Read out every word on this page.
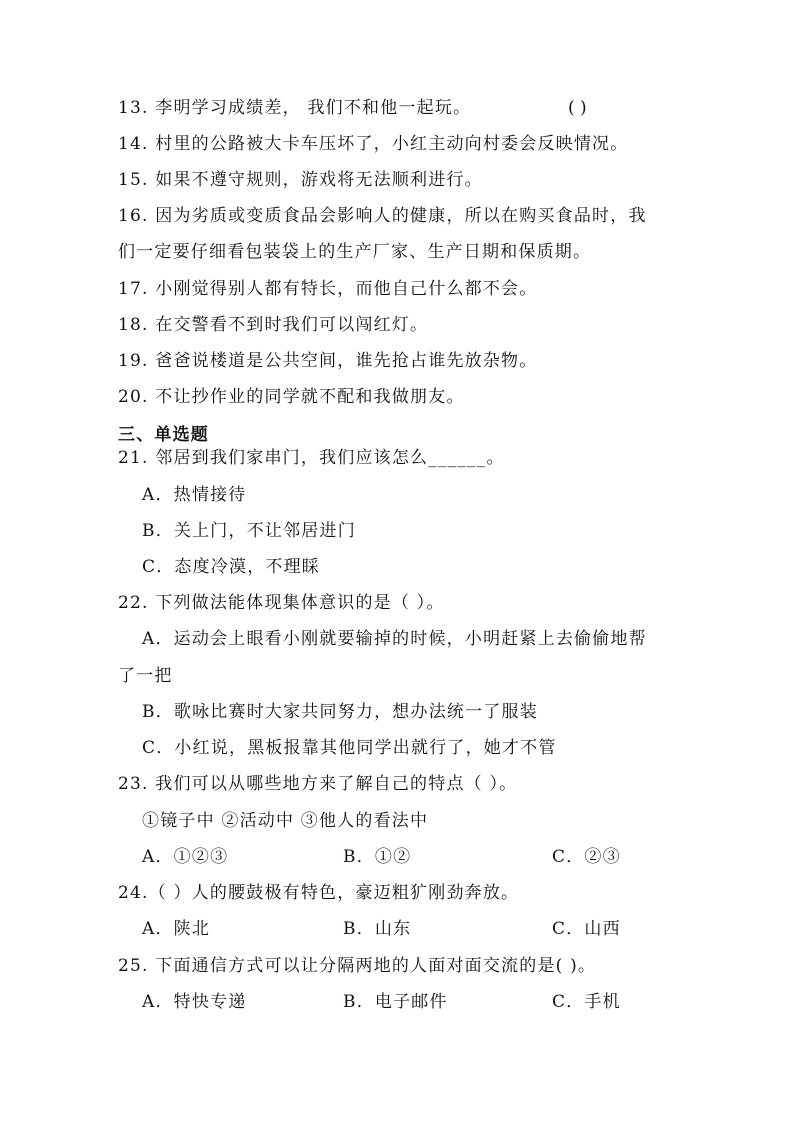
13. 李明学习成绩差， 我们不和他一起玩。	( )
14. 村里的公路被大卡车压坏了，小红主动向村委会反映情况。
15. 如果不遵守规则，游戏将无法顺利进行。
16. 因为劣质或变质食品会影响人的健康，所以在购买食品时，我
们一定要仔细看包装袋上的生产厂家、生产日期和保质期。
17. 小刚觉得别人都有特长，而他自己什么都不会。
18. 在交警看不到时我们可以闯红灯。
19. 爸爸说楼道是公共空间，谁先抢占谁先放杂物。
20. 不让抄作业的同学就不配和我做朋友。
三、单选题
21. 邻居到我们家串门，我们应该怎么______。
A．热情接待
B．关上门，不让邻居进门
C．态度冷漠，不理睬
22. 下列做法能体现集体意识的是（ ）。
A．运动会上眼看小刚就要输掉的时候，小明赶紧上去偷偷地帮
了一把
B．歌咏比赛时大家共同努力，想办法统一了服装
C．小红说，黑板报靠其他同学出就行了，她才不管
23. 我们可以从哪些地方来了解自己的特点（ ）。
①镜子中 ②活动中 ③他人的看法中
A．①②③	B．①②	C．②③
24.（ ）人的腰鼓极有特色，豪迈粗犷刚劲奔放。
A．陕北	B．山东	C．山西
25. 下面通信方式可以让分隔两地的人面对面交流的是( )。
A．特快专递	B．电子邮件	C．手机
